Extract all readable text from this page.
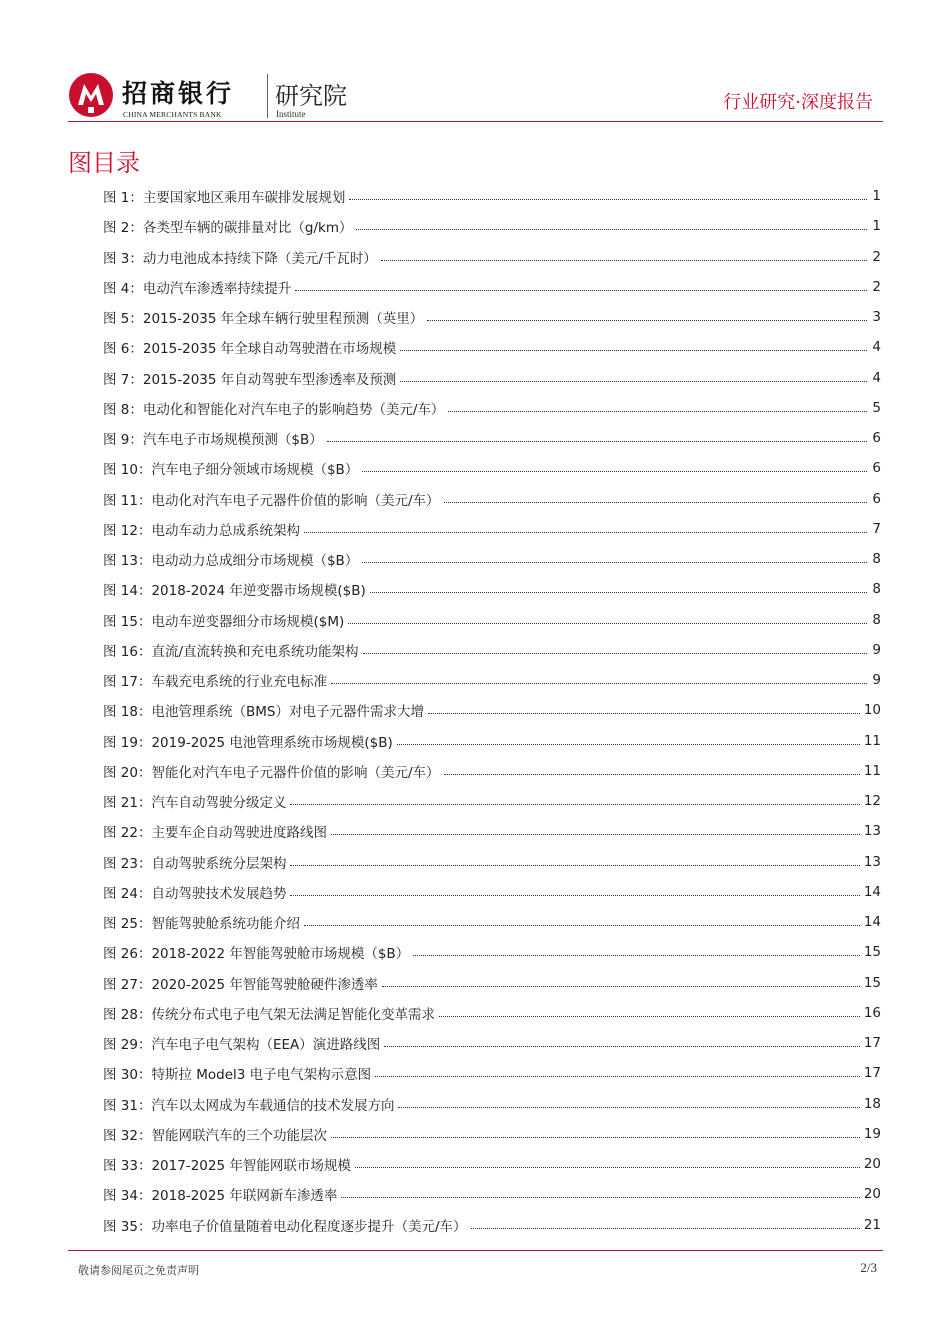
招商银行
CHINA MERCHANTS BANK
研究院
Institute
行业研究·深度报告
图目录
图 1：主要国家地区乘用车碳排发展规划	1
图 2：各类型车辆的碳排量对比（g/km）	1
图 3：动力电池成本持续下降（美元/千瓦时）	2
图 4：电动汽车渗透率持续提升	2
图 5：2015-2035 年全球车辆行驶里程预测（英里）	3
图 6：2015-2035 年全球自动驾驶潜在市场规模	4
图 7：2015-2035 年自动驾驶车型渗透率及预测	4
图 8：电动化和智能化对汽车电子的影响趋势（美元/车）	5
图 9：汽车电子市场规模预测（$B）	6
图 10：汽车电子细分领域市场规模（$B）	6
图 11：电动化对汽车电子元器件价值的影响（美元/车）	6
图 12：电动车动力总成系统架构	7
图 13：电动动力总成细分市场规模（$B）	8
图 14：2018-2024 年逆变器市场规模($B)	8
图 15：电动车逆变器细分市场规模($M)	8
图 16：直流/直流转换和充电系统功能架构	9
图 17：车载充电系统的行业充电标准	9
图 18：电池管理系统（BMS）对电子元器件需求大增	10
图 19：2019-2025 电池管理系统市场规模($B)	11
图 20：智能化对汽车电子元器件价值的影响（美元/车）	11
图 21：汽车自动驾驶分级定义	12
图 22：主要车企自动驾驶进度路线图	13
图 23：自动驾驶系统分层架构	13
图 24：自动驾驶技术发展趋势	14
图 25：智能驾驶舱系统功能介绍	14
图 26：2018-2022 年智能驾驶舱市场规模（$B）	15
图 27：2020-2025 年智能驾驶舱硬件渗透率	15
图 28：传统分布式电子电气架无法满足智能化变革需求	16
图 29：汽车电子电气架构（EEA）演进路线图	17
图 30：特斯拉 Model3 电子电气架构示意图	17
图 31：汽车以太网成为车载通信的技术发展方向	18
图 32：智能网联汽车的三个功能层次	19
图 33：2017-2025 年智能网联市场规模	20
图 34：2018-2025 年联网新车渗透率	20
图 35：功率电子价值量随着电动化程度逐步提升（美元/车）	21
敬请参阅尾页之免责声明	2/3
